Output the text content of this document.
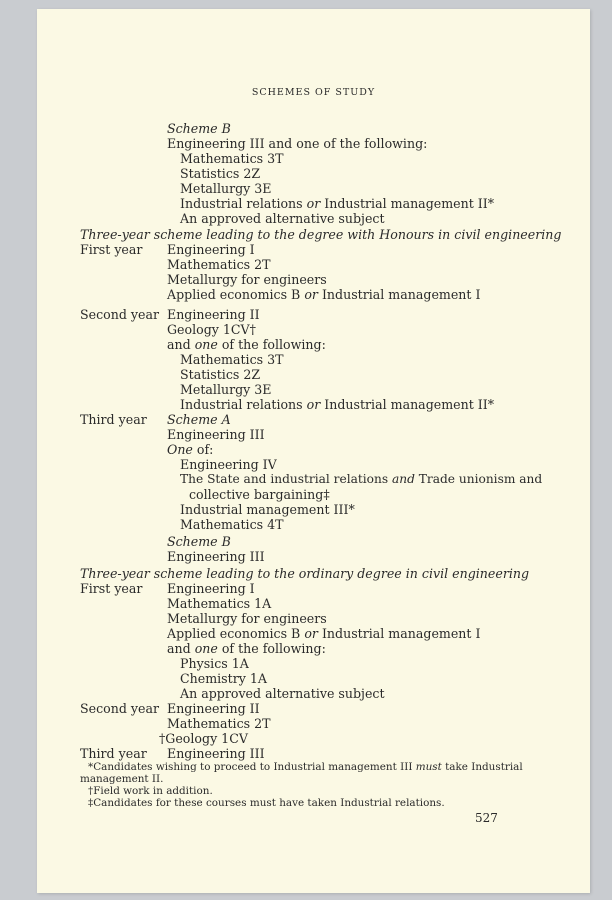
SCHEMES OF STUDY
Scheme B
Engineering III and one of the following:
Mathematics 3T
Statistics 2Z
Metallurgy 3E
Industrial relations or Industrial management II*
An approved alternative subject
Three-year scheme leading to the degree with Honours in civil engineering
First year Engineering I
Mathematics 2T
Metallurgy for engineers
Applied economics B or Industrial management I
Second year Engineering II
Geology 1CV†
and one of the following:
Mathematics 3T
Statistics 2Z
Metallurgy 3E
Industrial relations or Industrial management II*
Third year Scheme A
Engineering III
One of:
Engineering IV
The State and industrial relations and Trade unionism and
collective bargaining‡
Industrial management III*
Mathematics 4T
Scheme B
Engineering III
Three-year scheme leading to the ordinary degree in civil engineering
First year Engineering I
Mathematics 1A
Metallurgy for engineers
Applied economics B or Industrial management I
and one of the following:
Physics 1A
Chemistry 1A
An approved alternative subject
Second year Engineering II
Mathematics 2T
†Geology 1CV
Third year Engineering III
*Candidates wishing to proceed to Industrial management III must take Industrial
management II.
†Field work in addition.
‡Candidates for these courses must have taken Industrial relations.
527
